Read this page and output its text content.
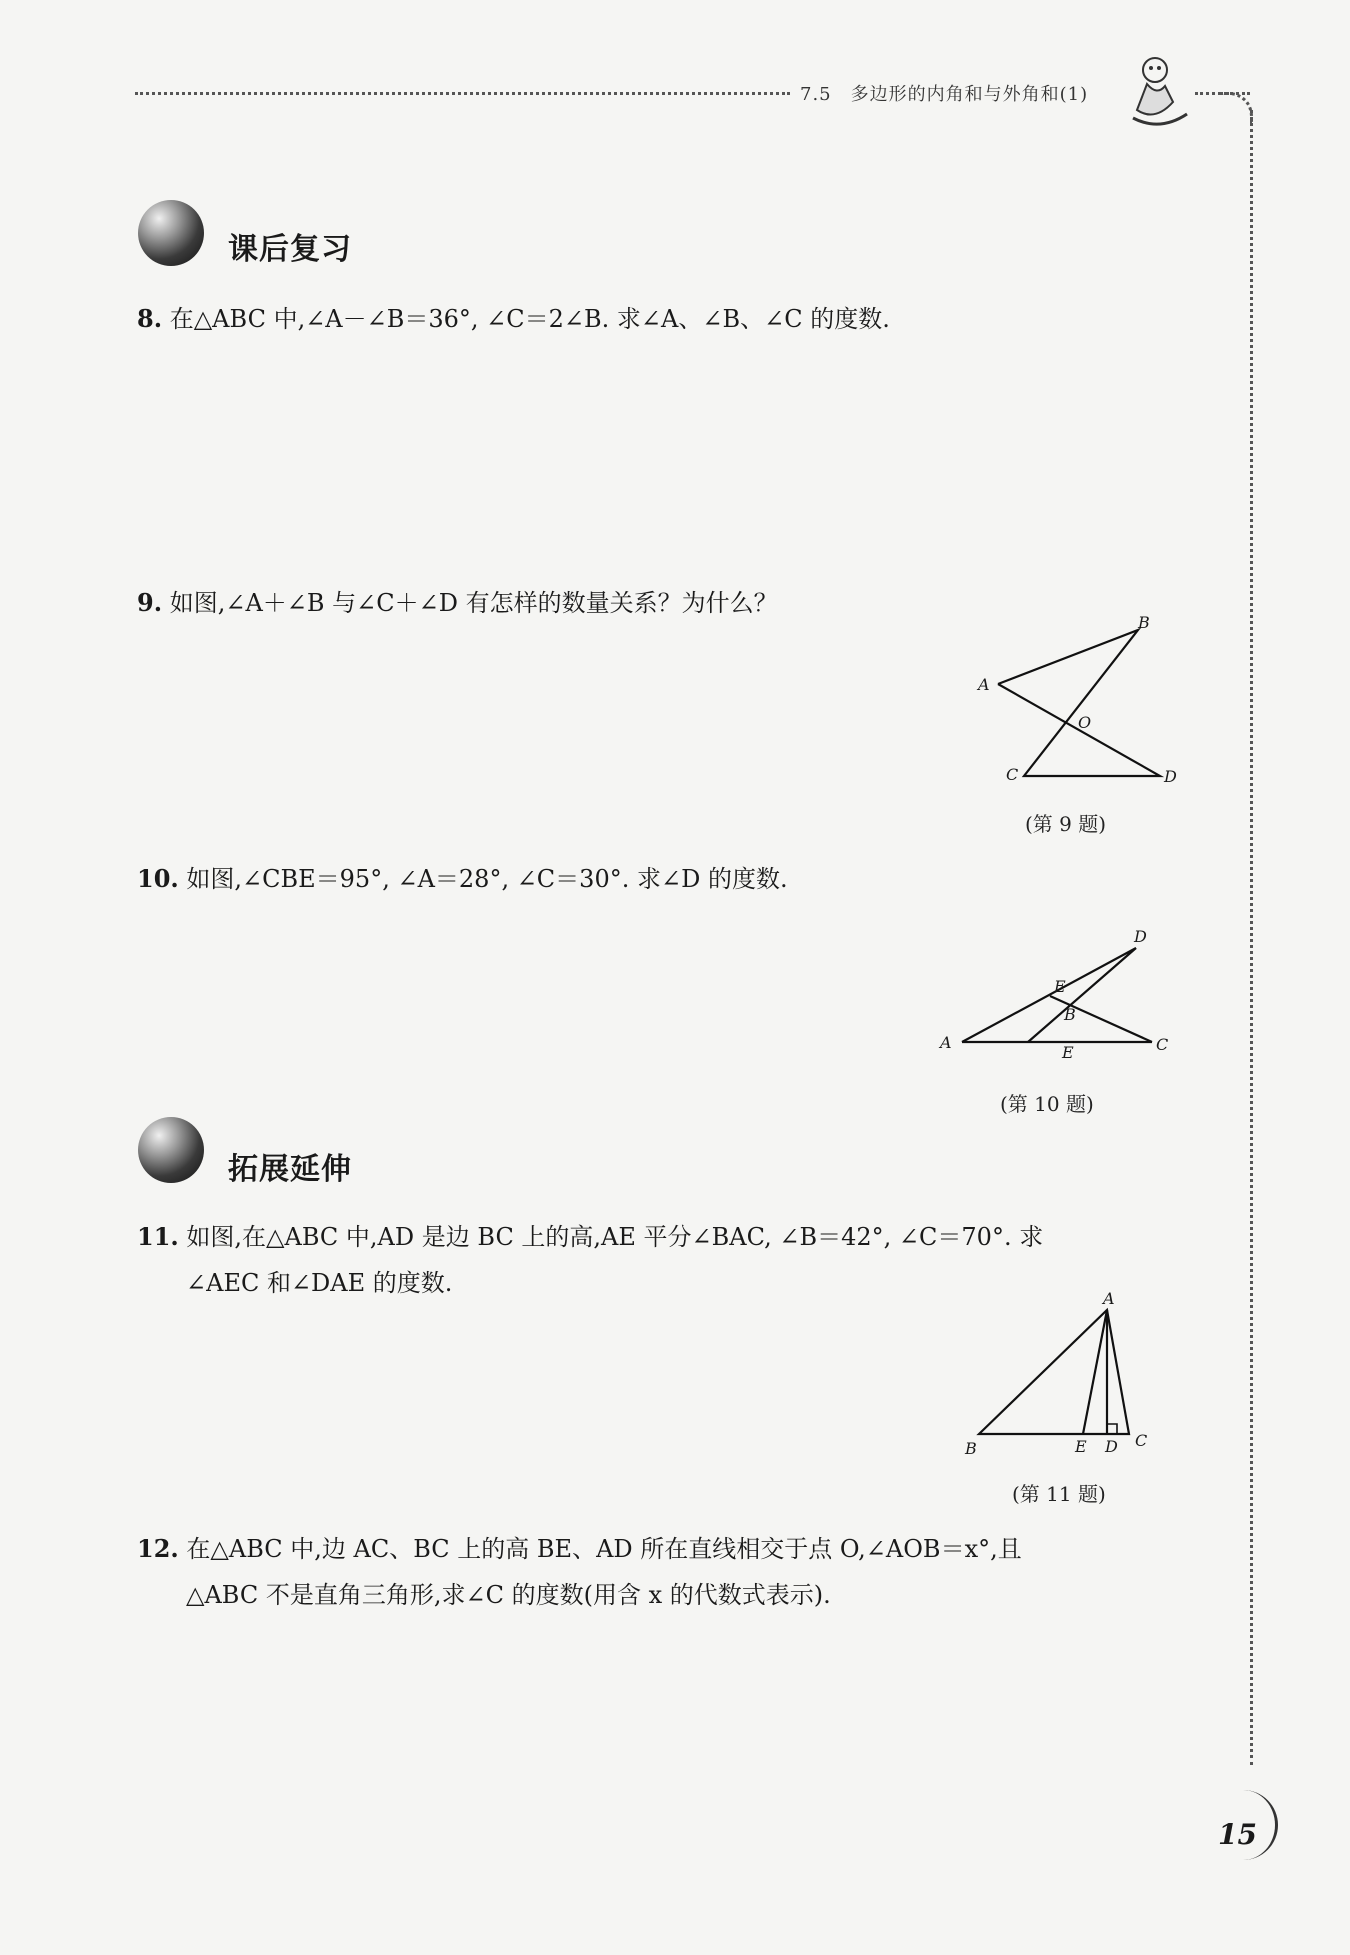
7.5　多边形的内角和与外角和(1)
课后复习
8. 在△ABC 中,∠A－∠B＝36°, ∠C＝2∠B. 求∠A、∠B、∠C 的度数.
9. 如图,∠A＋∠B 与∠C＋∠D 有怎样的数量关系？为什么？
A
B
C	D
O
(第 9 题)
10. 如图,∠CBE＝95°, ∠A＝28°, ∠C＝30°. 求∠D 的度数.
A
B
C
D
E
E
(第 10 题)
拓展延伸
11. 如图,在△ABC 中,AD 是边 BC 上的高,AE 平分∠BAC, ∠B＝42°, ∠C＝70°. 求
∠AEC 和∠DAE 的度数.
A
B	C
D
E
(第 11 题)
12. 在△ABC 中,边 AC、BC 上的高 BE、AD 所在直线相交于点 O,∠AOB＝x°,且
△ABC 不是直角三角形,求∠C 的度数(用含 x 的代数式表示).
15
